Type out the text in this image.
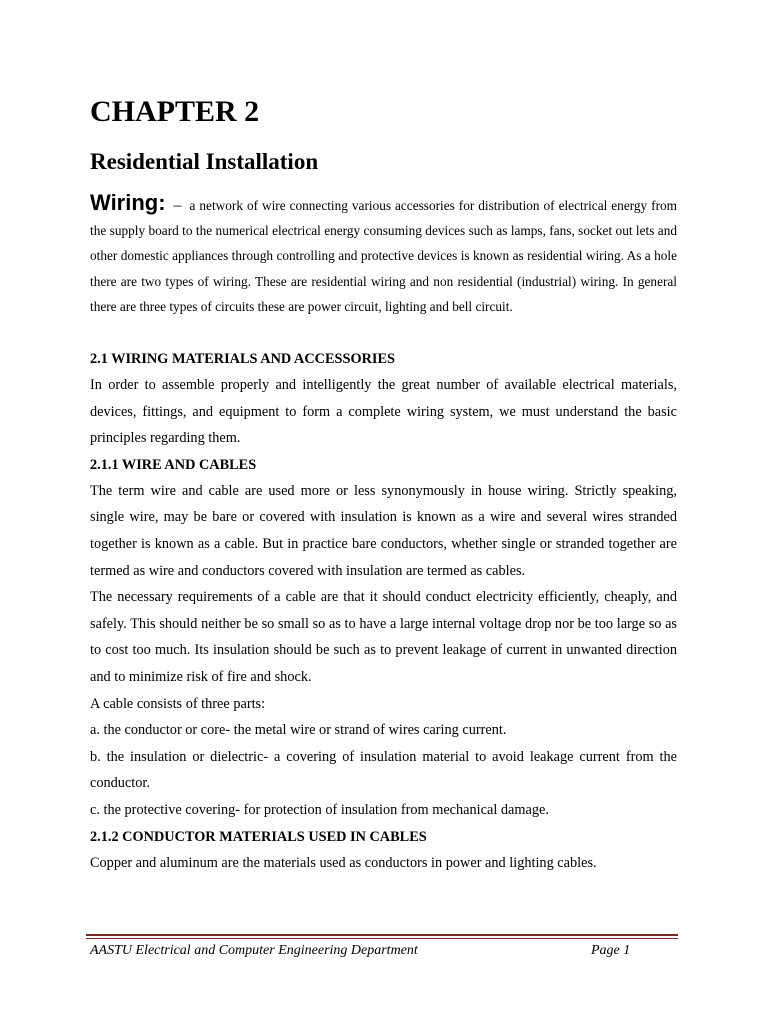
CHAPTER 2
Residential Installation

Wiring: – a network of wire connecting various accessories for distribution of electrical energy from the supply board to the numerical electrical energy consuming devices such as lamps, fans, socket out lets and other domestic appliances through controlling and protective devices is known as residential wiring. As a hole there are two types of wiring. These are residential wiring and non residential (industrial) wiring. In general there are three types of circuits these are power circuit, lighting and bell circuit.

2.1 WIRING MATERIALS AND ACCESSORIES

In order to assemble properly and intelligently the great number of available electrical materials, devices, fittings, and equipment to form a complete wiring system, we must understand the basic principles regarding them.

2.1.1 WIRE AND CABLES

The term wire and cable are used more or less synonymously in house wiring. Strictly speaking, single wire, may be bare or covered with insulation is known as a wire and several wires stranded together is known as a cable. But in practice bare conductors, whether single or stranded together are termed as wire and conductors covered with insulation are termed as cables.

The necessary requirements of a cable are that it should conduct electricity efficiently, cheaply, and safely. This should neither be so small so as to have a large internal voltage drop nor be too large so as to cost too much. Its insulation should be such as to prevent leakage of current in unwanted direction and to minimize risk of fire and shock.

A cable consists of three parts:

a. the conductor or core- the metal wire or strand of wires caring current.

b. the insulation or dielectric- a covering of insulation material to avoid leakage current from the conductor.

c. the protective covering- for protection of insulation from mechanical damage.

2.1.2 CONDUCTOR MATERIALS USED IN CABLES

Copper and aluminum are the materials used as conductors in power and lighting cables.

AASTU Electrical and Computer Engineering Department	Page 1
